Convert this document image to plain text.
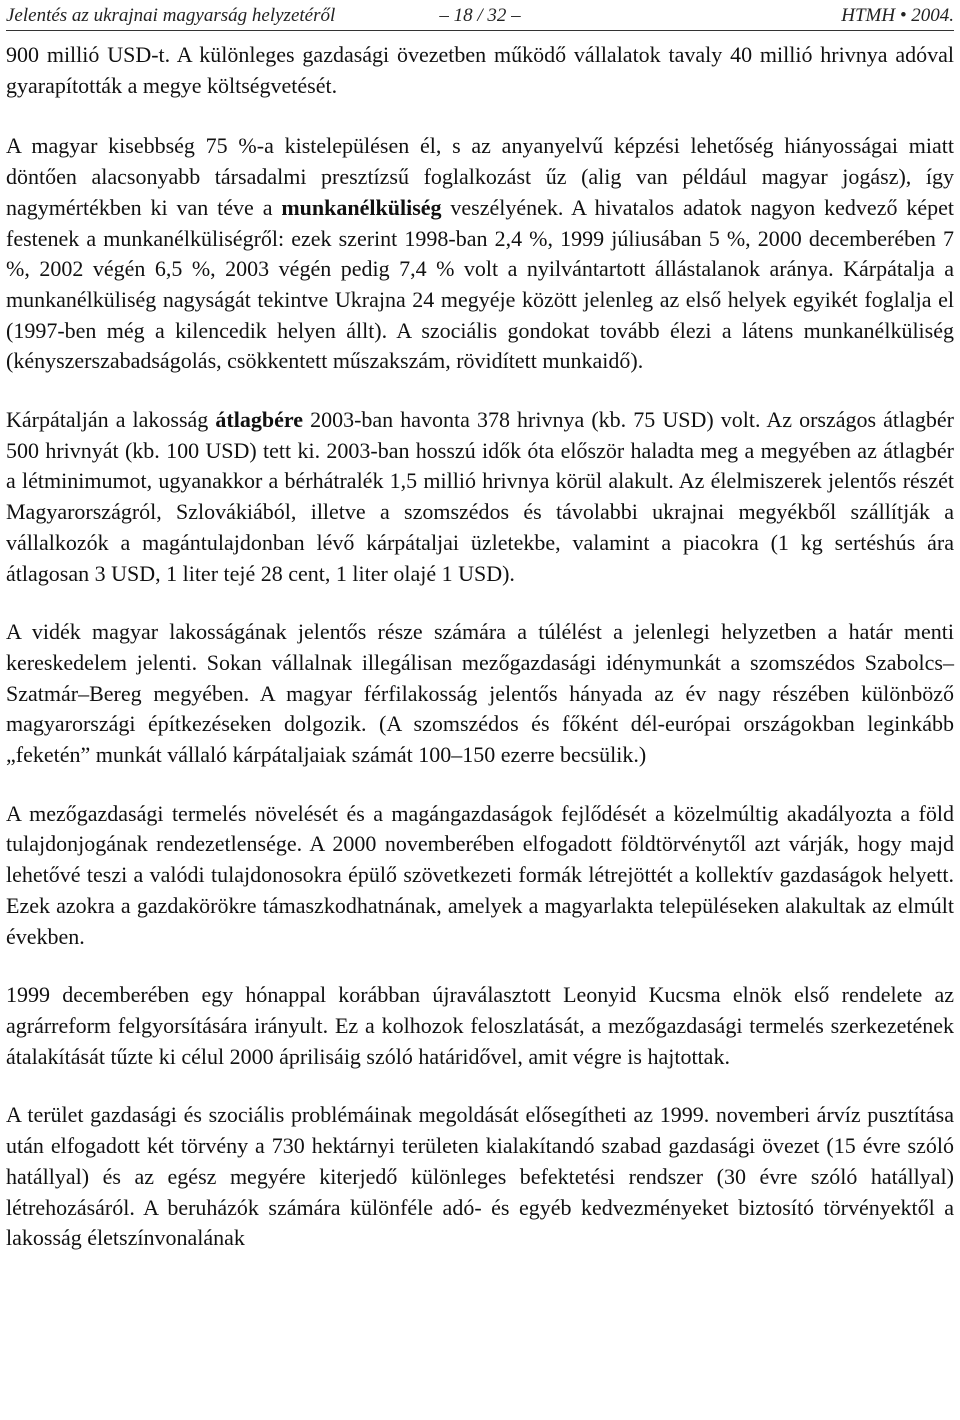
Jelentés az ukrajnai magyarság helyzetéről	– 18 / 32 –	HTMH • 2004.

900 millió USD-t. A különleges gazdasági övezetben működő vállalatok tavaly 40 millió hrivnya adóval gyarapították a megye költségvetését.

A magyar kisebbség 75 %-a kistelepülésen él, s az anyanyelvű képzési lehetőség hiányosságai miatt döntően alacsonyabb társadalmi presztízsű foglalkozást űz (alig van például magyar jogász), így nagymértékben ki van téve a munkanélküliség veszélyének. A hivatalos adatok nagyon kedvező képet festenek a munkanélküliségről: ezek szerint 1998-ban 2,4 %, 1999 júliusában 5 %, 2000 decemberében 7 %, 2002 végén 6,5 %, 2003 végén pedig 7,4 % volt a nyilvántartott állástalanok aránya. Kárpátalja a munkanélküliség nagyságát tekintve Ukrajna 24 megyéje között jelenleg az első helyek egyikét foglalja el (1997-ben még a kilencedik helyen állt). A szociális gondokat tovább élezi a látens munkanélküliség (kényszerszabadságolás, csökkentett műszakszám, rövidített munkaidő).

Kárpátalján a lakosság átlagbére 2003-ban havonta 378 hrivnya (kb. 75 USD) volt. Az országos átlagbér 500 hrivnyát (kb. 100 USD) tett ki. 2003-ban hosszú idők óta először haladta meg a megyében az átlagbér a létminimumot, ugyanakkor a bérhátralék 1,5 millió hrivnya körül alakult. Az élelmiszerek jelentős részét Magyarországról, Szlovákiából, illetve a szomszédos és távolabbi ukrajnai megyékből szállítják a vállalkozók a magántulajdonban lévő kárpátaljai üzletekbe, valamint a piacokra (1 kg sertéshús ára átlagosan 3 USD, 1 liter tejé 28 cent, 1 liter olajé 1 USD).

A vidék magyar lakosságának jelentős része számára a túlélést a jelenlegi helyzetben a határ menti kereskedelem jelenti. Sokan vállalnak illegálisan mezőgazdasági idénymunkát a szomszédos Szabolcs–Szatmár–Bereg megyében. A magyar férfilakosság jelentős hányada az év nagy részében különböző magyarországi építkezéseken dolgozik. (A szomszédos és főként dél-európai országokban leginkább „feketén” munkát vállaló kárpátaljaiak számát 100–150 ezerre becsülik.)

A mezőgazdasági termelés növelését és a magángazdaságok fejlődését a közelmúltig akadályozta a föld tulajdonjogának rendezetlensége. A 2000 novemberében elfogadott földtörvénytől azt várják, hogy majd lehetővé teszi a valódi tulajdonosokra épülő szövetkezeti formák létrejöttét a kollektív gazdaságok helyett. Ezek azokra a gazdakörökre támaszkodhatnának, amelyek a magyarlakta településeken alakultak az elmúlt években.

1999 decemberében egy hónappal korábban újraválasztott Leonyid Kucsma elnök első rendelete az agrárreform felgyorsítására irányult. Ez a kolhozok feloszlatását, a mezőgazdasági termelés szerkezetének átalakítását tűzte ki célul 2000 áprilisáig szóló határidővel, amit végre is hajtottak.

A terület gazdasági és szociális problémáinak megoldását elősegítheti az 1999. novemberi árvíz pusztítása után elfogadott két törvény a 730 hektárnyi területen kialakítandó szabad gazdasági övezet (15 évre szóló hatállyal) és az egész megyére kiterjedő különleges befektetési rendszer (30 évre szóló hatállyal) létrehozásáról. A beruházók számára különféle adó- és egyéb kedvezményeket biztosító törvényektől a lakosság életszínvonalának
